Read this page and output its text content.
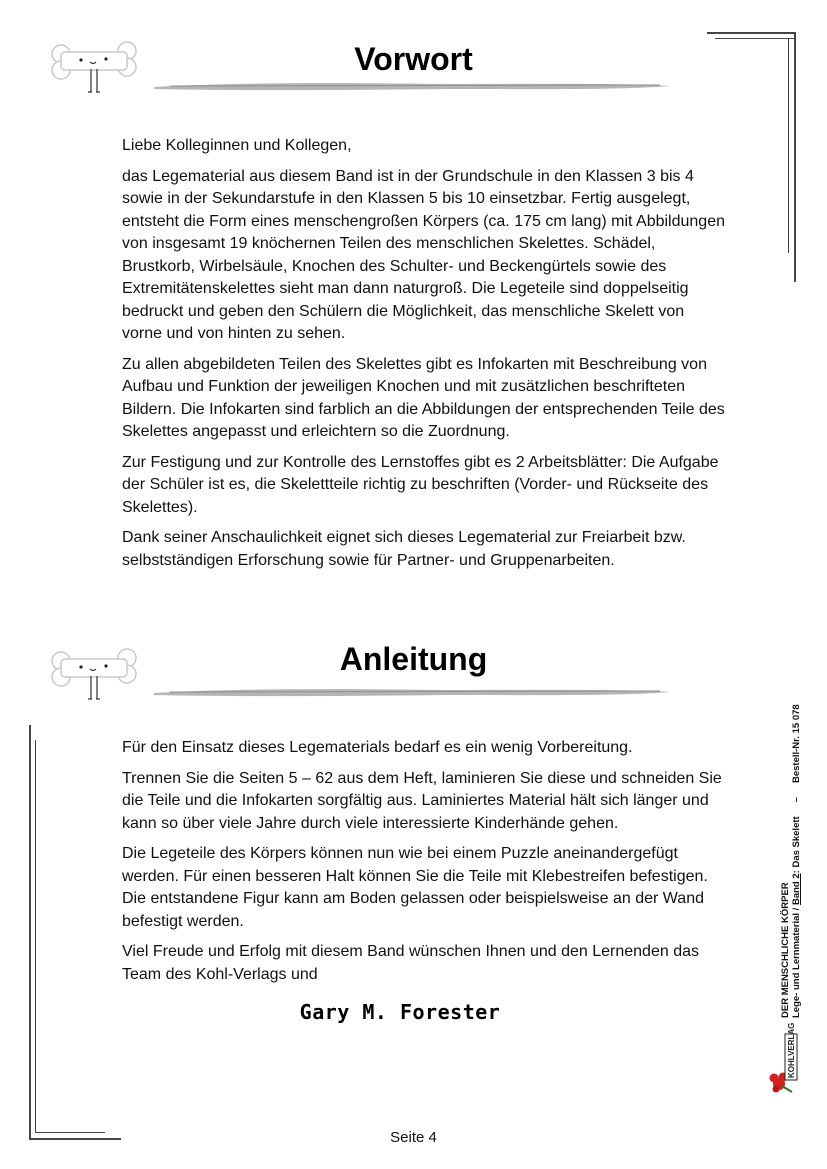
Vorwort

Liebe Kolleginnen und Kollegen,

das Legematerial aus diesem Band ist in der Grundschule in den Klassen 3 bis 4 sowie in der Sekundarstufe in den Klassen 5 bis 10 einsetzbar. Fertig ausgelegt, entsteht die Form eines menschengroßen Körpers (ca. 175 cm lang) mit Abbildungen von insgesamt 19 knöchernen Teilen des menschlichen Skelettes. Schädel, Brustkorb, Wirbelsäule, Knochen des Schulter- und Beckengürtels sowie des Extremitätenskelettes sieht man dann naturgroß. Die Legeteile sind doppelseitig bedruckt und geben den Schülern die Möglichkeit, das menschliche Skelett von vorne und von hinten zu sehen.

Zu allen abgebildeten Teilen des Skelettes gibt es Infokarten mit Beschreibung von Aufbau und Funktion der jeweiligen Knochen und mit zusätzlichen beschrifteten Bildern. Die Infokarten sind farblich an die Abbildungen der entsprechenden Teile des Skelettes angepasst und erleichtern so die Zuordnung.

Zur Festigung und zur Kontrolle des Lernstoffes gibt es 2 Arbeitsblätter: Die Aufgabe der Schüler ist es, die Skelettteile richtig zu beschriften (Vorder- und Rückseite des Skelettes).

Dank seiner Anschaulichkeit eignet sich dieses Legematerial zur Freiarbeit bzw. selbstständigen Erforschung sowie für Partner- und Gruppenarbeiten.

Anleitung

Für den Einsatz dieses Legematerials bedarf es ein wenig Vorbereitung.

Trennen Sie die Seiten 5 – 62 aus dem Heft, laminieren Sie diese und schneiden Sie die Teile und die Infokarten sorgfältig aus. Laminiertes Material hält sich länger und kann so über viele Jahre durch viele interessierte Kinderhände gehen.

Die Legeteile des Körpers können nun wie bei einem Puzzle aneinandergefügt werden. Für einen besseren Halt können Sie die Teile mit Klebestreifen befestigen. Die entstandene Figur kann am Boden gelassen oder beispielsweise an der Wand befestigt werden.

Viel Freude und Erfolg mit diesem Band wünschen Ihnen und den Lernenden das Team des Kohl-Verlags und

Gary M. Forester	DER MENSCHLICHE KÖRPER Lege- und Lernmaterial / Band 2: Das Skelett–Bestell-Nr. 15 078
KOHLVERLAG
Seite 4
